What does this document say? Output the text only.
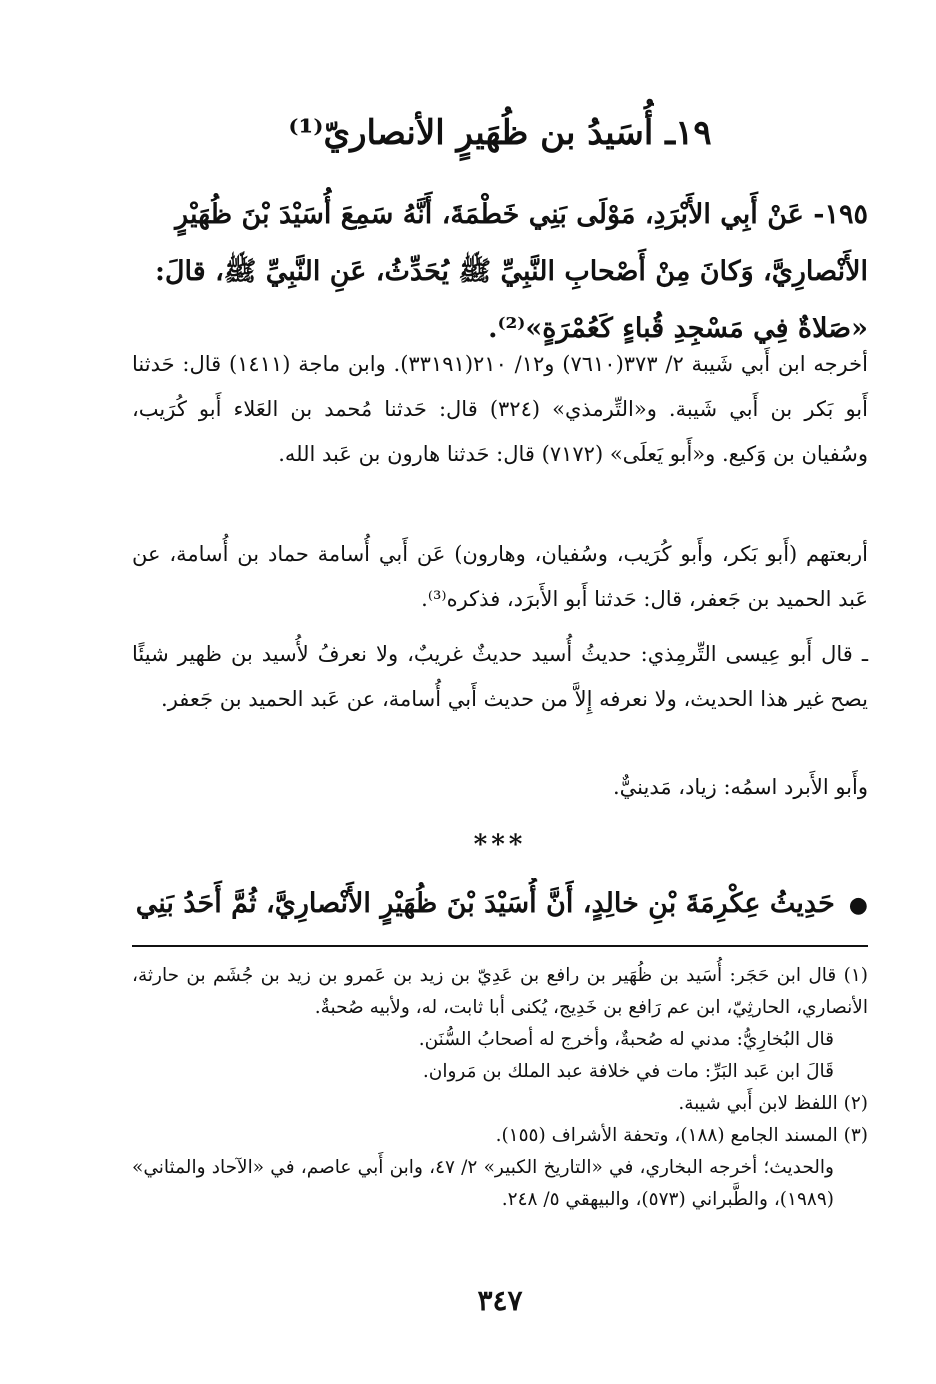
١٩ـ أُسَيدُ بن ظُهَيرٍ الأنصاريّ⁽¹⁾

١٩٥- عَنْ أَبِي الأَبْرَدِ، مَوْلَى بَنِي خَطْمَةَ، أَنَّهُ سَمِعَ أُسَيْدَ بْنَ ظُهَيْرٍ

الأَنْصارِيَّ، وَكانَ مِنْ أَصْحابِ النَّبِيِّ ﷺ يُحَدِّثُ، عَنِ النَّبِيِّ ﷺ، قالَ:

«صَلاةٌ فِي مَسْجِدِ قُباءٍ كَعُمْرَةٍ»⁽²⁾.

أخرجه ابن أَبي شَيبة ٢/ ٣٧٣(٧٦١٠) و١٢/ ٢١٠(٣٣١٩١). وابن ماجة (١٤١١) قال: حَدثنا أَبو بَكر بن أَبي شَيبة. و«التِّرمذي» (٣٢٤) قال: حَدثنا مُحمد بن العَلاء أَبو كُرَيب، وسُفيان بن وَكيع. و«أَبو يَعلَى» (٧١٧٢) قال: حَدثنا هارون بن عَبد الله.

أربعتهم (أَبو بَكر، وأَبو كُرَيب، وسُفيان، وهارون) عَن أَبي أُسامة حماد بن أُسامة، عن عَبد الحميد بن جَعفر، قال: حَدثنا أَبو الأَبرَد، فذكره⁽³⁾.

ـ قال أَبو عِيسى التِّرمِذي: حديثُ أُسيد حديثٌ غريبٌ، ولا نعرفُ لأُسيد بن ظهير شيئًا يصح غير هذا الحديث، ولا نعرفه إِلاَّ من حديث أَبي أُسامة، عن عَبد الحميد بن جَعفر.

وأَبو الأَبرد اسمُه: زياد، مَدينيٌّ.

***
●حَدِيثُ عِكْرِمَةَ بْنِ خالِدٍ، أَنَّ أُسَيْدَ بْنَ ظُهَيْرٍ الأَنْصارِيَّ، ثُمَّ أَحَدُ بَنِي

(١) قال ابن حَجَر: أُسَيد بن ظُهَير بن رافع بن عَدِيّ بن زيد بن عَمرو بن زيد بن جُشَم بن حارثة، الأنصاري، الحارثِيّ، ابن عم رَافع بن خَدِيج، يُكنى أبا ثابت، له، ولأبيه صُحبةٌ.

قال البُخارِيُّ: مدني له صُحبةٌ، وأخرج له أصحابُ السُّنَن.

قَالَ ابن عَبد البَرِّ: مات في خلافة عبد الملك بن مَروان.

(٢) اللفظ لابن أَبي شيبة.

(٣) المسند الجامع (١٨٨)، وتحفة الأشراف (١٥٥).

والحديث؛ أخرجه البخاري، في «التاريخ الكبير» ٢/ ٤٧، وابن أَبي عاصم، في «الآحاد والمثاني» (١٩٨٩)، والطَّبراني (٥٧٣)، والبيهقي ٥/ ٢٤٨.

٣٤٧
